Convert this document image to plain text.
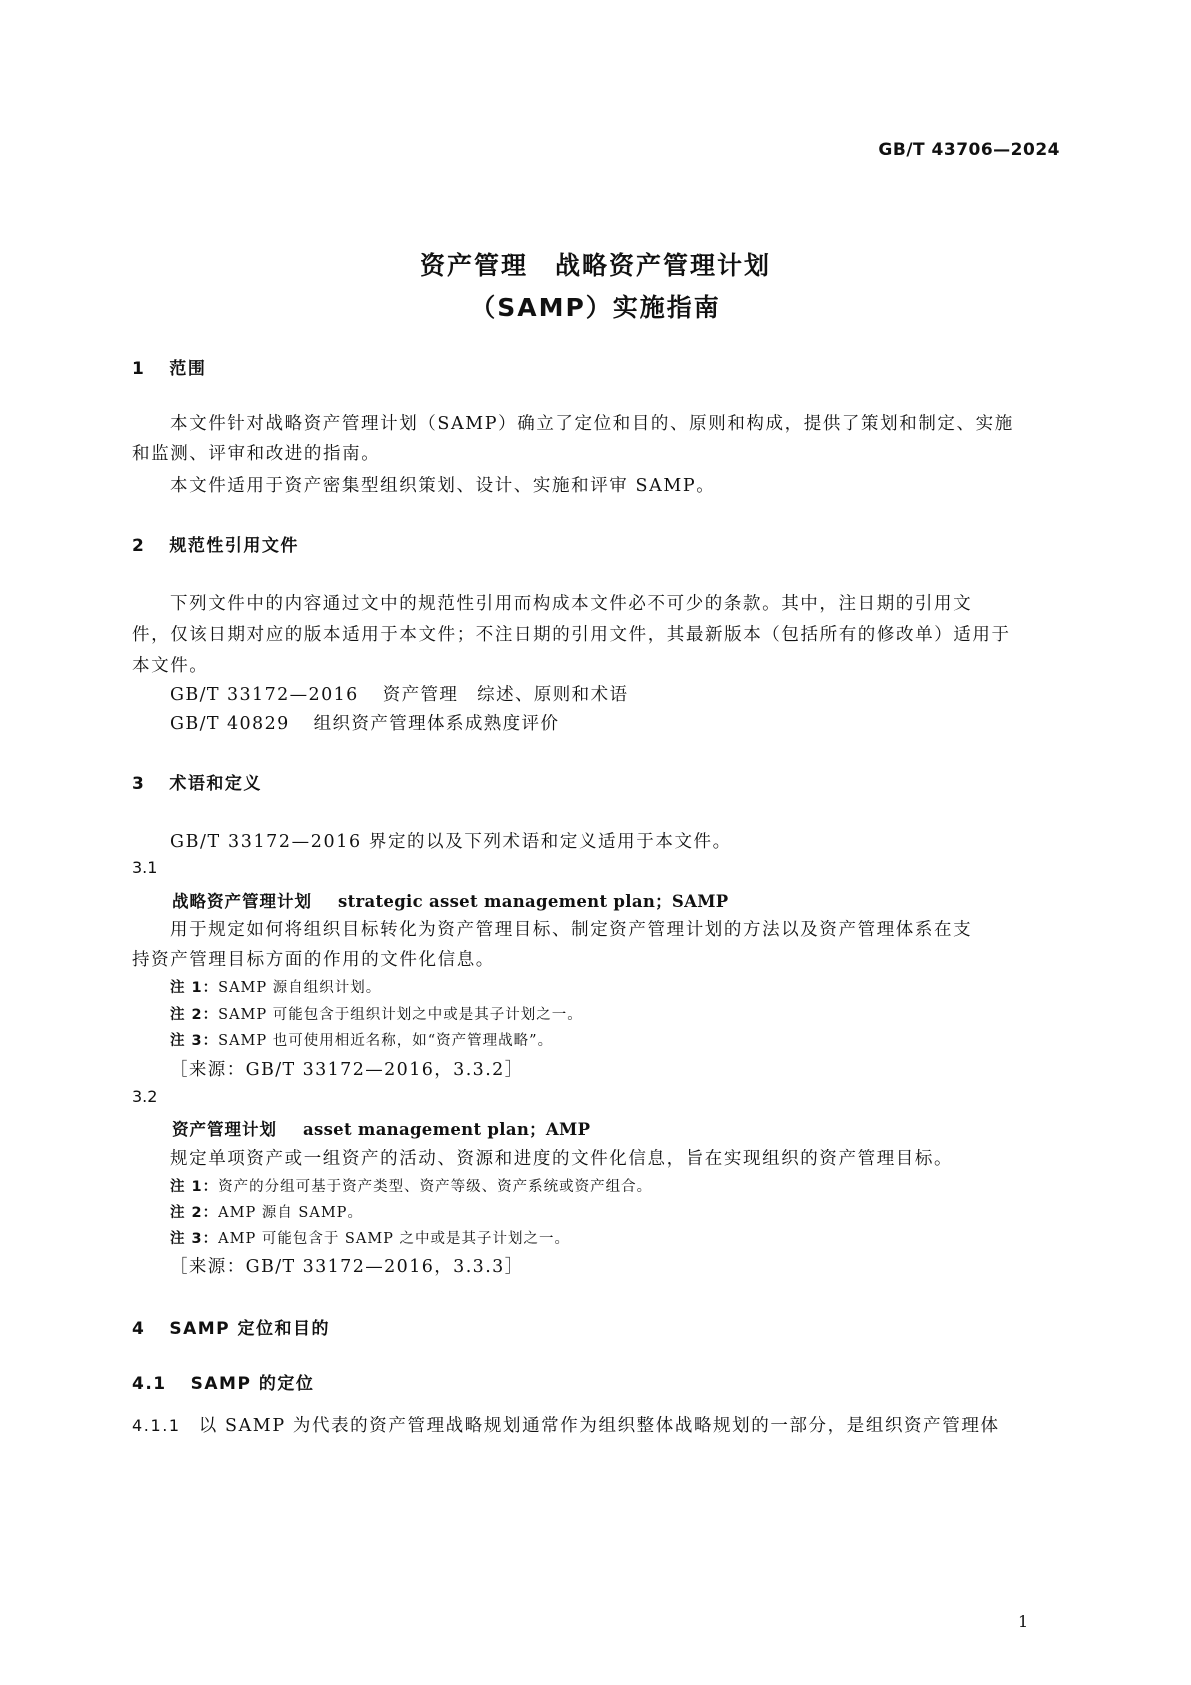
GB/T 43706—2024
资产管理　战略资产管理计划
（SAMP）实施指南
1 范围
本文件针对战略资产管理计划（SAMP）确立了定位和目的、原则和构成，提供了策划和制定、实施
和监测、评审和改进的指南。
本文件适用于资产密集型组织策划、设计、实施和评审 SAMP。
2 规范性引用文件
下列文件中的内容通过文中的规范性引用而构成本文件必不可少的条款。其中，注日期的引用文
件，仅该日期对应的版本适用于本文件；不注日期的引用文件，其最新版本（包括所有的修改单）适用于
本文件。
GB/T 33172—2016 资产管理　综述、原则和术语
GB/T 40829 组织资产管理体系成熟度评价
3 术语和定义
GB/T 33172—2016 界定的以及下列术语和定义适用于本文件。
3.1
战略资产管理计划 strategic asset management plan；SAMP
用于规定如何将组织目标转化为资产管理目标、制定资产管理计划的方法以及资产管理体系在支
持资产管理目标方面的作用的文件化信息。
注 1：SAMP 源自组织计划。
注 2：SAMP 可能包含于组织计划之中或是其子计划之一。
注 3：SAMP 也可使用相近名称，如“资产管理战略”。
［来源：GB/T 33172—2016，3.3.2］
3.2
资产管理计划 asset management plan；AMP
规定单项资产或一组资产的活动、资源和进度的文件化信息，旨在实现组织的资产管理目标。
注 1：资产的分组可基于资产类型、资产等级、资产系统或资产组合。
注 2：AMP 源自 SAMP。
注 3：AMP 可能包含于 SAMP 之中或是其子计划之一。
［来源：GB/T 33172—2016，3.3.3］
4 SAMP 定位和目的
4.1 SAMP 的定位
4.1.1 以 SAMP 为代表的资产管理战略规划通常作为组织整体战略规划的一部分，是组织资产管理体
1
